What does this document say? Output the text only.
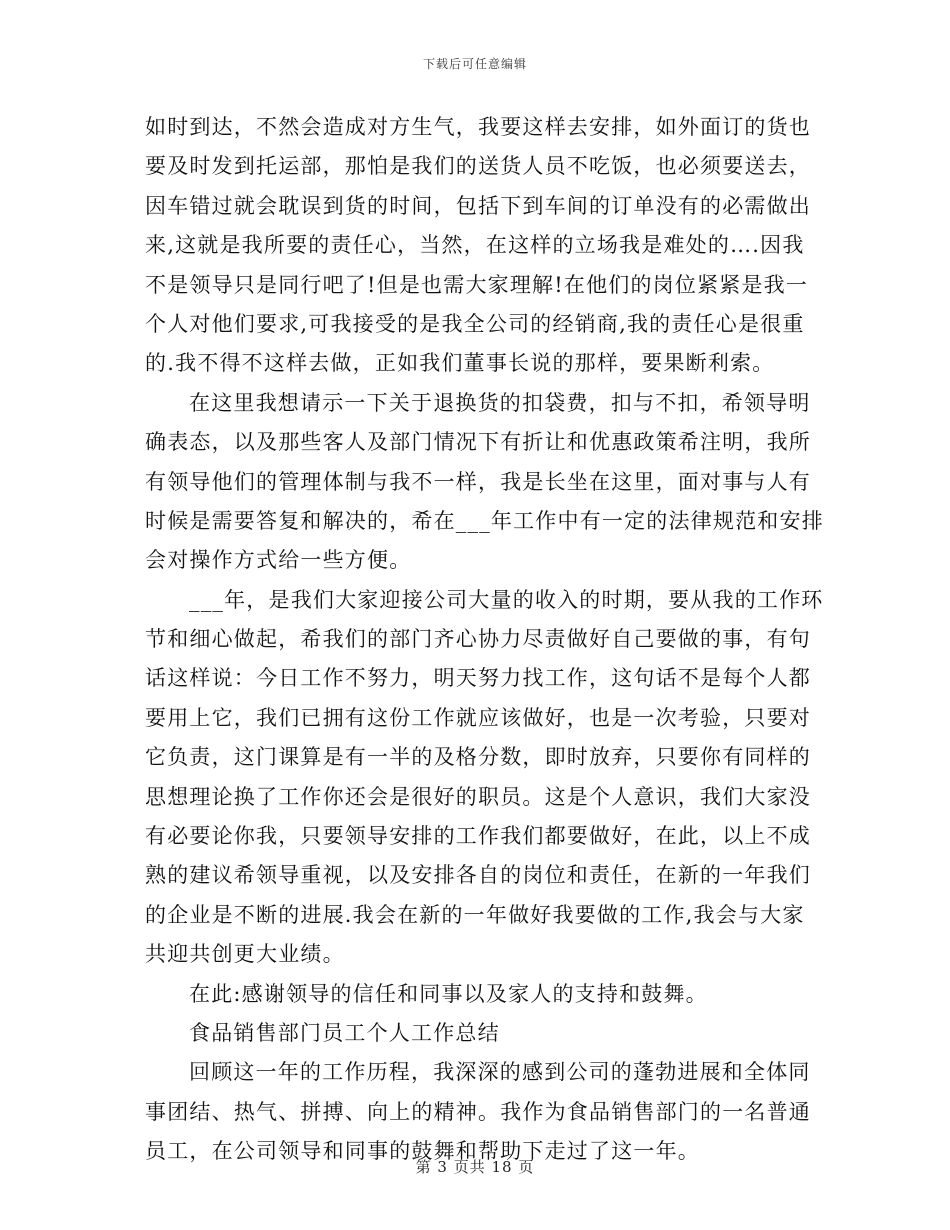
下载后可任意编辑
如时到达，不然会造成对方生气，我要这样去安排，如外面订的货也
要及时发到托运部，那怕是我们的送货人员不吃饭，也必须要送去，
因车错过就会耽误到货的时间，包括下到车间的订单没有的必需做出
来,这就是我所要的责任心，当然，在这样的立场我是难处的….因我
不是领导只是同行吧了!但是也需大家理解!在他们的岗位紧紧是我一
个人对他们要求,可我接受的是我全公司的经销商,我的责任心是很重
的.我不得不这样去做，正如我们董事长说的那样，要果断利索。
在这里我想请示一下关于退换货的扣袋费，扣与不扣，希领导明
确表态，以及那些客人及部门情况下有折让和优惠政策希注明，我所
有领导他们的管理体制与我不一样，我是长坐在这里，面对事与人有
时候是需要答复和解决的，希在___年工作中有一定的法律规范和安排
会对操作方式给一些方便。
___年，是我们大家迎接公司大量的收入的时期，要从我的工作环
节和细心做起，希我们的部门齐心协力尽责做好自己要做的事，有句
话这样说：今日工作不努力，明天努力找工作，这句话不是每个人都
要用上它，我们已拥有这份工作就应该做好，也是一次考验，只要对
它负责，这门课算是有一半的及格分数，即时放弃，只要你有同样的
思想理论换了工作你还会是很好的职员。这是个人意识，我们大家没
有必要论你我，只要领导安排的工作我们都要做好，在此，以上不成
熟的建议希领导重视，以及安排各自的岗位和责任，在新的一年我们
的企业是不断的进展.我会在新的一年做好我要做的工作,我会与大家
共迎共创更大业绩。
在此:感谢领导的信任和同事以及家人的支持和鼓舞。
食品销售部门员工个人工作总结
回顾这一年的工作历程，我深深的感到公司的蓬勃进展和全体同
事团结、热气、拼搏、向上的精神。我作为食品销售部门的一名普通
员工，在公司领导和同事的鼓舞和帮助下走过了这一年。
第 3 页共 18 页
